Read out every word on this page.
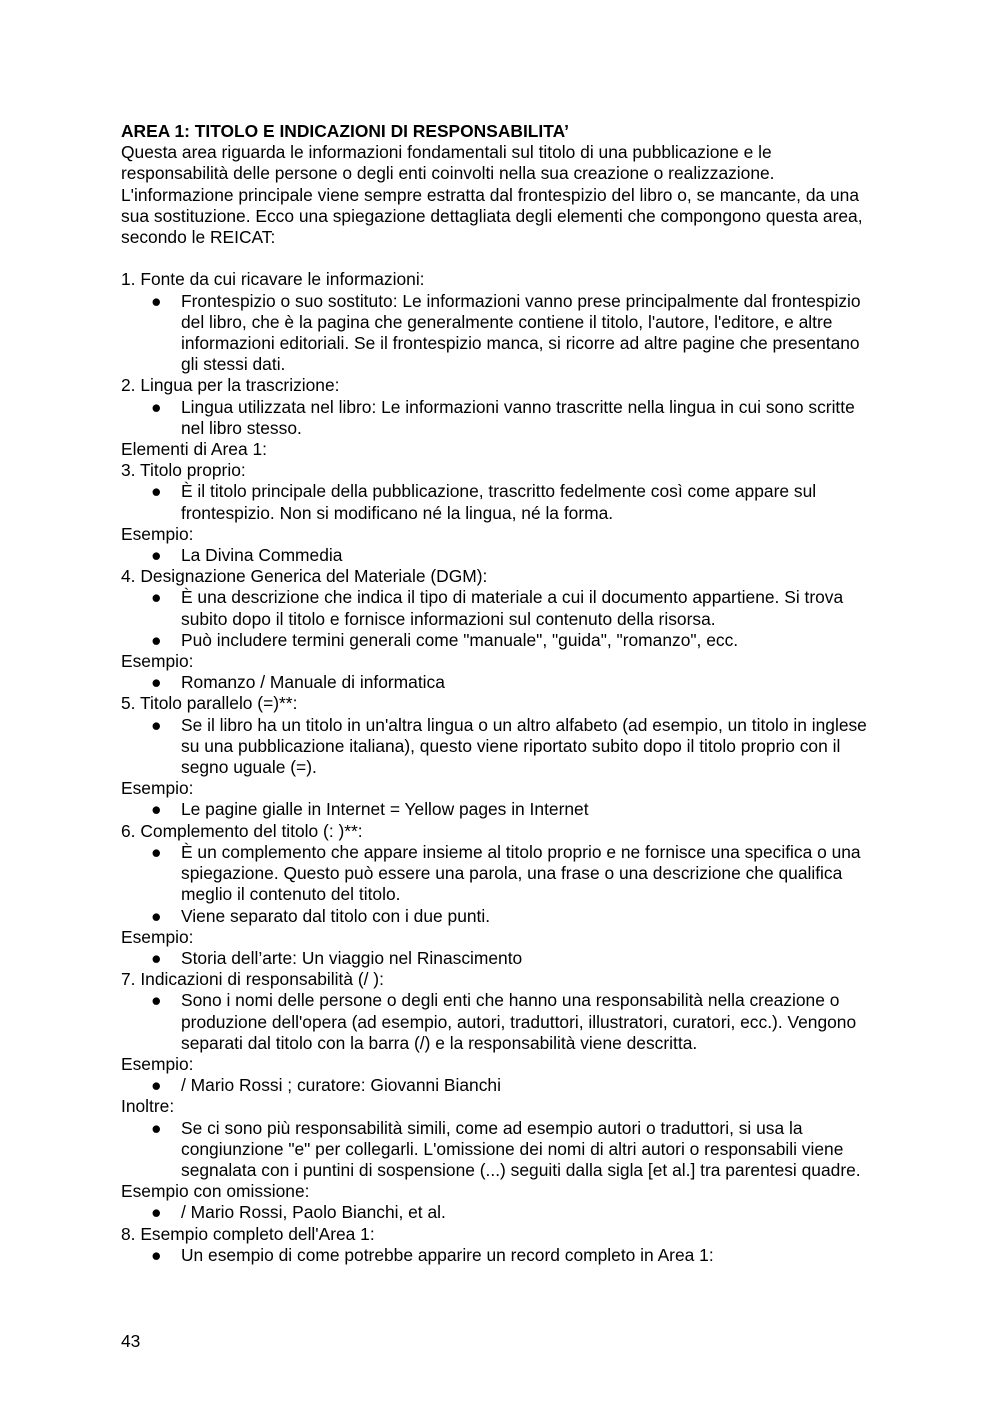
AREA 1: TITOLO E INDICAZIONI DI RESPONSABILITA’

Questa area riguarda le informazioni fondamentali sul titolo di una pubblicazione e le responsabilità delle persone o degli enti coinvolti nella sua creazione o realizzazione. L'informazione principale viene sempre estratta dal frontespizio del libro o, se mancante, da una sua sostituzione. Ecco una spiegazione dettagliata degli elementi che compongono questa area, secondo le REICAT:

1. Fonte da cui ricavare le informazioni:

● Frontespizio o suo sostituto: Le informazioni vanno prese principalmente dal frontespizio del libro, che è la pagina che generalmente contiene il titolo, l'autore, l'editore, e altre informazioni editoriali. Se il frontespizio manca, si ricorre ad altre pagine che presentano gli stessi dati.

2. Lingua per la trascrizione:

● Lingua utilizzata nel libro: Le informazioni vanno trascritte nella lingua in cui sono scritte nel libro stesso.

Elementi di Area 1:

3. Titolo proprio:

● È il titolo principale della pubblicazione, trascritto fedelmente così come appare sul frontespizio. Non si modificano né la lingua, né la forma.

Esempio:

● La Divina Commedia

4. Designazione Generica del Materiale (DGM):

● È una descrizione che indica il tipo di materiale a cui il documento appartiene. Si trova subito dopo il titolo e fornisce informazioni sul contenuto della risorsa.
● Può includere termini generali come "manuale", "guida", "romanzo", ecc.

Esempio:

● Romanzo / Manuale di informatica

5. Titolo parallelo (=)**:

● Se il libro ha un titolo in un'altra lingua o un altro alfabeto (ad esempio, un titolo in inglese su una pubblicazione italiana), questo viene riportato subito dopo il titolo proprio con il segno uguale (=).

Esempio:

● Le pagine gialle in Internet = Yellow pages in Internet

6. Complemento del titolo (: )**:

● È un complemento che appare insieme al titolo proprio e ne fornisce una specifica o una spiegazione. Questo può essere una parola, una frase o una descrizione che qualifica meglio il contenuto del titolo.
● Viene separato dal titolo con i due punti.

Esempio:

● Storia dell’arte: Un viaggio nel Rinascimento

7. Indicazioni di responsabilità (/ ):

● Sono i nomi delle persone o degli enti che hanno una responsabilità nella creazione o produzione dell'opera (ad esempio, autori, traduttori, illustratori, curatori, ecc.). Vengono separati dal titolo con la barra (/) e la responsabilità viene descritta.

Esempio:

● / Mario Rossi ; curatore: Giovanni Bianchi

Inoltre:

● Se ci sono più responsabilità simili, come ad esempio autori o traduttori, si usa la congiunzione "e" per collegarli. L'omissione dei nomi di altri autori o responsabili viene segnalata con i puntini di sospensione (...) seguiti dalla sigla [et al.] tra parentesi quadre.

Esempio con omissione:

● / Mario Rossi, Paolo Bianchi, et al.

8. Esempio completo dell'Area 1:

● Un esempio di come potrebbe apparire un record completo in Area 1:
43
